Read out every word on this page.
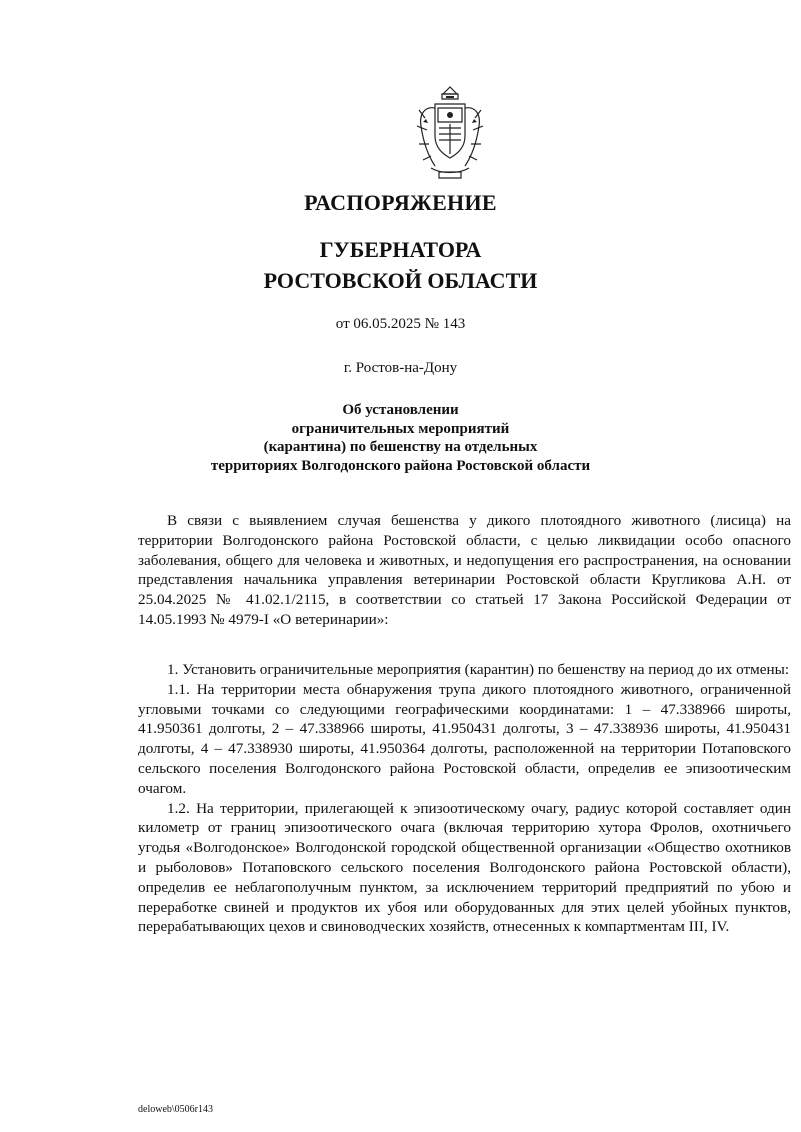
РАСПОРЯЖЕНИЕ
ГУБЕРНАТОРА
РОСТОВСКОЙ ОБЛАСТИ
от 06.05.2025 № 143
г. Ростов-на-Дону
Об установлении
ограничительных мероприятий
(карантина) по бешенству на отдельных
территориях Волгодонского района Ростовской области

В связи с выявлением случая бешенства у дикого плотоядного животного (лисица) на территории Волгодонского района Ростовской области, с целью ликвидации особо опасного заболевания, общего для человека и животных, и недопущения его распространения, на основании представления начальника управления ветеринарии Ростовской области Кругликова А.Н. от 25.04.2025 № 41.02.1/2115, в соответствии со статьей 17 Закона Российской Федерации от 14.05.1993 № 4979-I «О ветеринарии»:

1. Установить ограничительные мероприятия (карантин) по бешенству на период до их отмены:

1.1. На территории места обнаружения трупа дикого плотоядного животного, ограниченной угловыми точками со следующими географическими координатами: 1 – 47.338966 широты, 41.950361 долготы, 2 – 47.338966 широты, 41.950431 долготы, 3 – 47.338936 широты, 41.950431 долготы, 4 – 47.338930 широты, 41.950364 долготы, расположенной на территории Потаповского сельского поселения Волгодонского района Ростовской области, определив ее эпизоотическим очагом.

1.2. На территории, прилегающей к эпизоотическому очагу, радиус которой составляет один километр от границ эпизоотического очага (включая территорию хутора Фролов, охотничьего угодья «Волгодонское» Волгодонской городской общественной организации «Общество охотников и рыболовов» Потаповского сельского поселения Волгодонского района Ростовской области), определив ее неблагополучным пунктом, за исключением территорий предприятий по убою и переработке свиней и продуктов их убоя или оборудованных для этих целей убойных пунктов, перерабатывающих цехов и свиноводческих хозяйств, отнесенных к компартментам III, IV.

deloweb\0506r143
